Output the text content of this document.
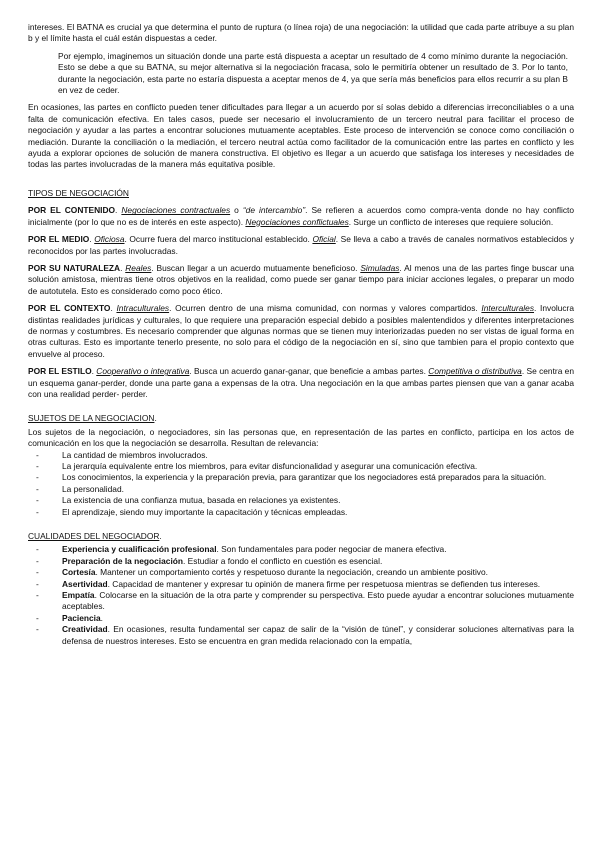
intereses. El BATNA es crucial ya que determina el punto de ruptura (o línea roja) de una negociación: la utilidad que cada parte atribuye a su plan b y el límite hasta el cuál están dispuestas a ceder.

Por ejemplo, imaginemos un situación donde una parte está dispuesta a aceptar un resultado de 4 como mínimo durante la negociación. Esto se debe a que su BATNA, su mejor alternativa si la negociación fracasa, solo le permitiría obtener un resultado de 3. Por lo tanto, durante la negociación, esta parte no estaría dispuesta a aceptar menos de 4, ya que sería más beneficios para ellos recurrir a su plan B en vez de ceder.

En ocasiones, las partes en conflicto pueden tener dificultades para llegar a un acuerdo por sí solas debido a diferencias irreconciliables o a una falta de comunicación efectiva. En tales casos, puede ser necesario el involucramiento de un tercero neutral para facilitar el proceso de negociación y ayudar a las partes a encontrar soluciones mutuamente aceptables. Este proceso de intervención se conoce como conciliación o mediación. Durante la conciliación o la mediación, el tercero neutral actúa como facilitador de la comunicación entre las partes en conflicto y les ayuda a explorar opciones de solución de manera constructiva. El objetivo es llegar a un acuerdo que satisfaga los intereses y necesidades de todas las partes involucradas de la manera más equitativa posible.

TIPOS DE NEGOCIACIÓN

POR EL CONTENIDO. Negociaciones contractuales o “de intercambio”. Se refieren a acuerdos como compra-venta donde no hay conflicto inicialmente (por lo que no es de interés en este aspecto). Negociaciones conflictuales. Surge un conflicto de intereses que requiere solución.

POR EL MEDIO. Oficiosa. Ocurre fuera del marco institucional establecido. Oficial. Se lleva a cabo a través de canales normativos establecidos y reconocidos por las partes involucradas.

POR SU NATURALEZA. Reales. Buscan llegar a un acuerdo mutuamente beneficioso. Simuladas. Al menos una de las partes finge buscar una solución amistosa, mientras tiene otros objetivos en la realidad, como puede ser ganar tiempo para iniciar acciones legales, o preparar un modo de autotutela. Esto es considerado como poco ético.

POR EL CONTEXTO. Intraculturales. Ocurren dentro de una misma comunidad, con normas y valores compartidos. Interculturales. Involucra distintas realidades jurídicas y culturales, lo que requiere una preparación especial debido a posibles malentendidos y diferentes interpretaciones de normas y costumbres. Es necesario comprender que algunas normas que se tienen muy interiorizadas pueden no ser vistas de igual forma en otras culturas. Esto es importante tenerlo presente, no solo para el código de la negociación en sí, sino que tambien para el propio contexto que envuelve al proceso.

POR EL ESTILO. Cooperativo o integrativa. Busca un acuerdo ganar-ganar, que beneficie a ambas partes. Competitiva o distributiva. Se centra en un esquema ganar-perder, donde una parte gana a expensas de la otra. Una negociación en la que ambas partes piensen que van a ganar acaba con una realidad perder- perder.

SUJETOS DE LA NEGOCIACION.

Los sujetos de la negociación, o negociadores, sin las personas que, en representación de las partes en conflicto, participa en los actos de comunicación en los que la negociación se desarrolla. Resultan de relevancia:

- La cantidad de miembros involucrados.
- La jerarquía equivalente entre los miembros, para evitar disfuncionalidad y asegurar una comunicación efectiva.
- Los conocimientos, la experiencia y la preparación previa, para garantizar que los negociadores está preparados para la situación.
- La personalidad.
- La existencia de una confianza mutua, basada en relaciones ya existentes.
- El aprendizaje, siendo muy importante la capacitación y técnicas empleadas.
CUALIDADES DEL NEGOCIADOR.
- Experiencia y cualificación profesional. Son fundamentales para poder negociar de manera efectiva.
- Preparación de la negociación. Estudiar a fondo el conflicto en cuestión es esencial.
- Cortesía. Mantener un comportamiento cortés y respetuoso durante la negociación, creando un ambiente positivo.
- Asertividad. Capacidad de mantener y expresar tu opinión de manera firme per respetuosa mientras se defienden tus intereses.
- Empatía. Colocarse en la situación de la otra parte y comprender su perspectiva. Esto puede ayudar a encontrar soluciones mutuamente aceptables.
- Paciencia.
- Creatividad. En ocasiones, resulta fundamental ser capaz de salir de la “visión de túnel”, y considerar soluciones alternativas para la defensa de nuestros intereses. Esto se encuentra en gran medida relacionado con la empatía,
